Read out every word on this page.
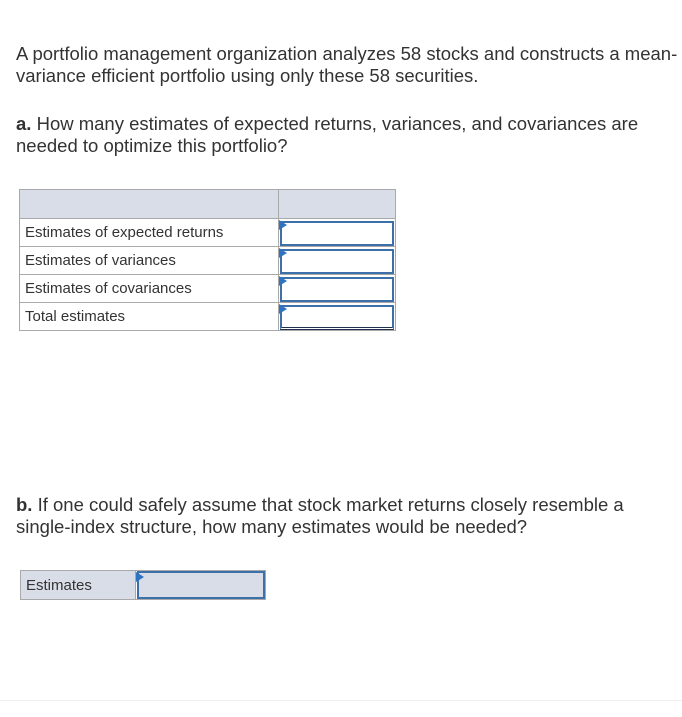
A portfolio management organization analyzes 58 stocks and constructs a mean-variance efficient portfolio using only these 58 securities.

a. How many estimates of expected returns, variances, and covariances are needed to optimize this portfolio?

Estimates of expected returns	

Estimates of variances	

Estimates of covariances	

Total estimates	

b. If one could safely assume that stock market returns closely resemble a single-index structure, how many estimates would be needed?

Estimates	
